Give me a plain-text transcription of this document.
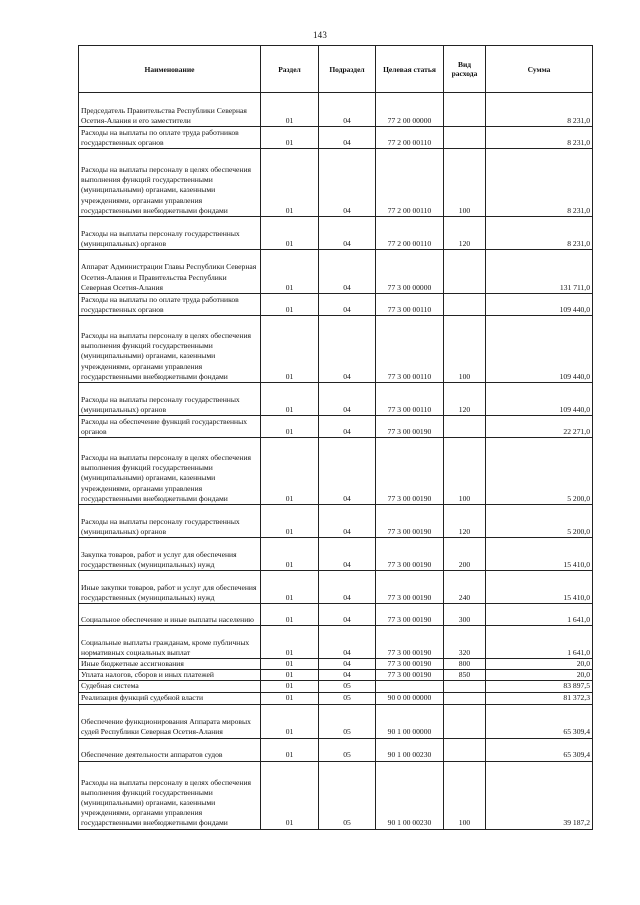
143
Наименование	Раздел	Подраздел	Целевая статья	Вид расхода	Сумма
Председатель Правительства Республики Северная Осетия-Алания и его заместители	01	04	77 2 00 00000		8 231,0
Расходы на выплаты по оплате труда работников государственных органов	01	04	77 2 00 00110		8 231,0
Расходы на выплаты персоналу в целях обеспечения выполнения функций государственными (муниципальными) органами, казенными учреждениями, органами управления государственными внебюджетными фондами	01	04	77 2 00 00110	100	8 231,0
Расходы на выплаты персоналу государственных (муниципальных) органов	01	04	77 2 00 00110	120	8 231,0
Аппарат Администрации Главы Республики Северная Осетия-Алания и Правительства Республики Северная Осетия-Алания	01	04	77 3 00 00000		131 711,0
Расходы на выплаты по оплате труда работников государственных органов	01	04	77 3 00 00110		109 440,0
Расходы на выплаты персоналу в целях обеспечения выполнения функций государственными (муниципальными) органами, казенными учреждениями, органами управления государственными внебюджетными фондами	01	04	77 3 00 00110	100	109 440,0
Расходы на выплаты персоналу государственных (муниципальных) органов	01	04	77 3 00 00110	120	109 440,0
Расходы на обеспечение функций государственных органов	01	04	77 3 00 00190		22 271,0
Расходы на выплаты персоналу в целях обеспечения выполнения функций государственными (муниципальными) органами, казенными учреждениями, органами управления государственными внебюджетными фондами	01	04	77 3 00 00190	100	5 200,0
Расходы на выплаты персоналу государственных (муниципальных) органов	01	04	77 3 00 00190	120	5 200,0
Закупка товаров, работ и услуг для обеспечения государственных (муниципальных) нужд	01	04	77 3 00 00190	200	15 410,0
Иные закупки товаров, работ и услуг для обеспечения государственных (муниципальных) нужд	01	04	77 3 00 00190	240	15 410,0
Социальное обеспечение и иные выплаты населению	01	04	77 3 00 00190	300	1 641,0
Социальные выплаты гражданам, кроме публичных нормативных социальных выплат	01	04	77 3 00 00190	320	1 641,0
Иные бюджетные ассигнования	01	04	77 3 00 00190	800	20,0
Уплата налогов, сборов и иных платежей	01	04	77 3 00 00190	850	20,0
Судебная система	01	05			83 897,5
Реализация функций судебной власти	01	05	90 0 00 00000		81 372,3
Обеспечение функционирования Аппарата мировых судей Республики Северная Осетия-Алания	01	05	90 1 00 00000		65 309,4
Обеспечение деятельности аппаратов судов	01	05	90 1 00 00230		65 309,4
Расходы на выплаты персоналу в целях обеспечения выполнения функций государственными (муниципальными) органами, казенными учреждениями, органами управления государственными внебюджетными фондами	01	05	90 1 00 00230	100	39 187,2
